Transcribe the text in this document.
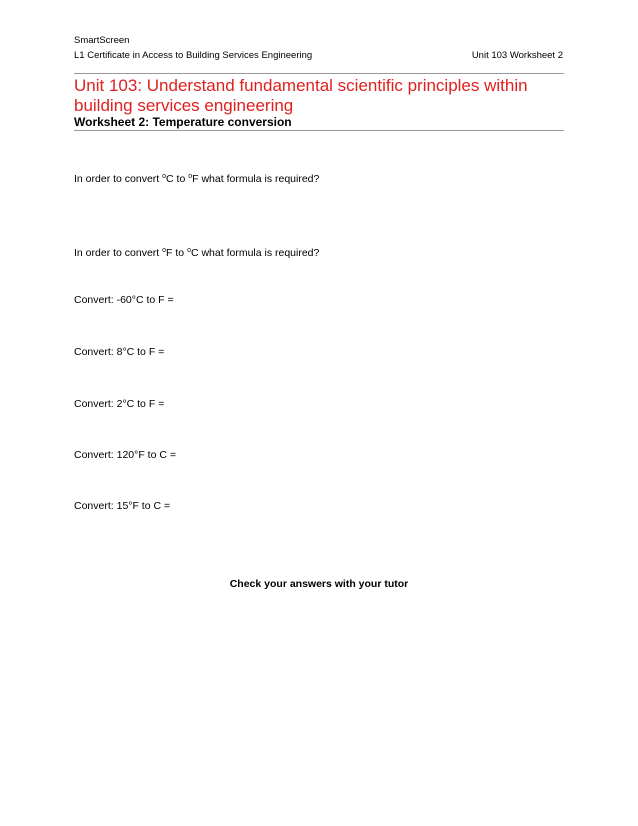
SmartScreen
L1 Certificate in Access to Building Services Engineering	Unit 103 Worksheet 2
Unit 103: Understand fundamental scientific principles within building services engineering
Worksheet 2: Temperature conversion
In order to convert $^o$C to $^o$F what formula is required?
In order to convert $^o$F to $^o$C what formula is required?
Convert: -60°C to F =
Convert: 8°C to F =
Convert: 2°C to F =
Convert: 120°F to C =
Convert: 15°F to C =
Check your answers with your tutor
